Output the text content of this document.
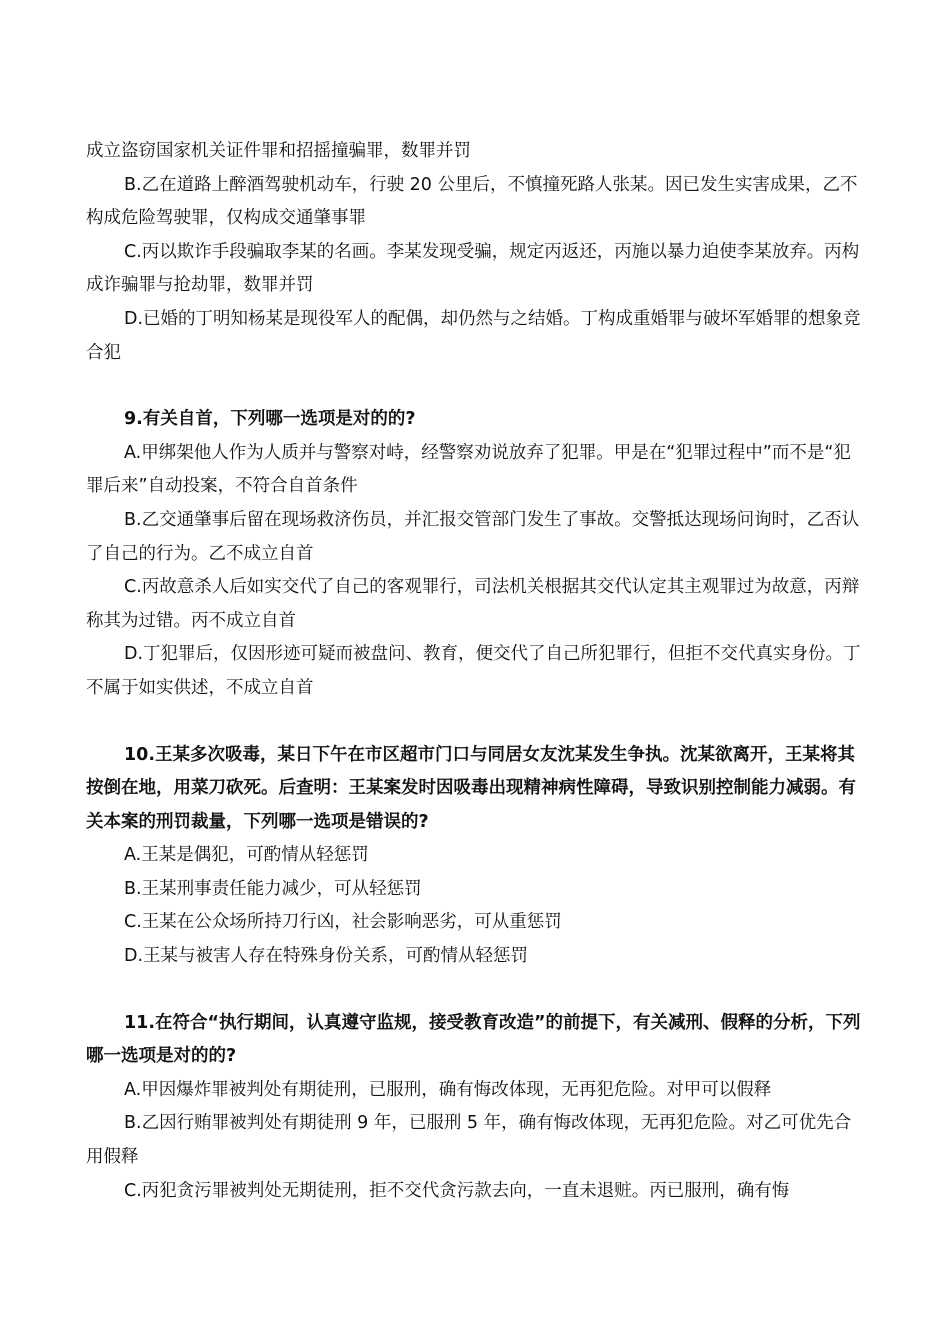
成立盗窃国家机关证件罪和招摇撞骗罪，数罪并罚

B.乙在道路上醉酒驾驶机动车，行驶 20 公里后，不慎撞死路人张某。因已发生实害成果，乙不构成危险驾驶罪，仅构成交通肇事罪

C.丙以欺诈手段骗取李某的名画。李某发现受骗，规定丙返还，丙施以暴力迫使李某放弃。丙构成诈骗罪与抢劫罪，数罪并罚

D.已婚的丁明知杨某是现役军人的配偶，却仍然与之结婚。丁构成重婚罪与破坏军婚罪的想象竞合犯

9.有关自首，下列哪一选项是对的的?

A.甲绑架他人作为人质并与警察对峙，经警察劝说放弃了犯罪。甲是在“犯罪过程中”而不是“犯罪后来”自动投案，不符合自首条件

B.乙交通肇事后留在现场救济伤员，并汇报交管部门发生了事故。交警抵达现场问询时，乙否认了自己的行为。乙不成立自首

C.丙故意杀人后如实交代了自己的客观罪行，司法机关根据其交代认定其主观罪过为故意，丙辩称其为过错。丙不成立自首

D.丁犯罪后，仅因形迹可疑而被盘问、教育，便交代了自己所犯罪行，但拒不交代真实身份。丁不属于如实供述，不成立自首

10.王某多次吸毒，某日下午在市区超市门口与同居女友沈某发生争执。沈某欲离开，王某将其按倒在地，用菜刀砍死。后查明：王某案发时因吸毒出现精神病性障碍，导致识别控制能力减弱。有关本案的刑罚裁量，下列哪一选项是错误的?

A.王某是偶犯，可酌情从轻惩罚

B.王某刑事责任能力减少，可从轻惩罚

C.王某在公众场所持刀行凶，社会影响恶劣，可从重惩罚

D.王某与被害人存在特殊身份关系，可酌情从轻惩罚

11.在符合“执行期间，认真遵守监规，接受教育改造”的前提下，有关减刑、假释的分析，下列哪一选项是对的的?

A.甲因爆炸罪被判处有期徒刑，已服刑，确有悔改体现，无再犯危险。对甲可以假释

B.乙因行贿罪被判处有期徒刑 9 年，已服刑 5 年，确有悔改体现，无再犯危险。对乙可优先合用假释

C.丙犯贪污罪被判处无期徒刑，拒不交代贪污款去向，一直未退赃。丙已服刑，确有悔
